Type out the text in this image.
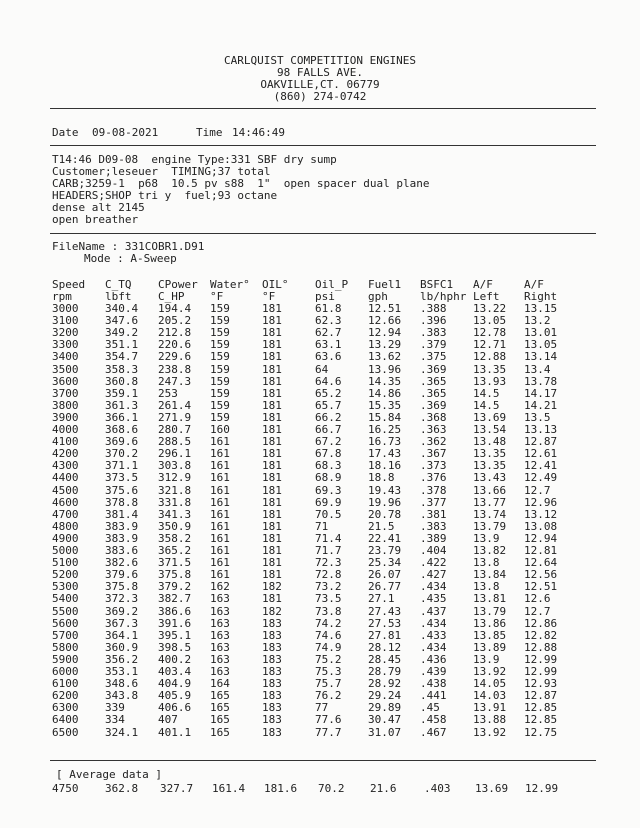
CARLQUIST COMPETITION ENGINES
98 FALLS AVE.
OAKVILLE,CT. 06779
(860) 274-0742
Date 09-08-2021	Time 14:46:49
T14:46 D09-08  engine Type:331 SBF dry sump
Customer;leseuer  TIMING;37 total
CARB;3259-1  p68  10.5 pv s88  1"  open spacer dual plane
HEADERS;SHOP tri y  fuel;93 octane
dense alt 2145
open breather
FileName : 331COBR1.D91
Mode : A-Sweep
Speed C_TQ CPower Water° OIL° Oil_P Fuel1 BSFC1 A/F	A/F
rpm	lbft C_HP °F	°F	psi	gph	lb/hphr Left Right
3000 340.4 194.4 159	181	61.8 12.51 .388 13.22 13.15
3100 347.6 205.2 159	181	62.3 12.66 .396 13.05 13.2
3200 349.2 212.8 159	181	62.7 12.94 .383 12.78 13.01
3300 351.1 220.6 159	181	63.1 13.29 .379 12.71 13.05
3400 354.7 229.6 159	181	63.6 13.62 .375 12.88 13.14
3500 358.3 238.8 159	181	64	13.96 .369 13.35 13.4
3600 360.8 247.3 159	181	64.6 14.35 .365 13.93 13.78
3700 359.1 253	159	181	65.2 14.86 .365 14.5 14.17
3800 361.3 261.4 159	181	65.7 15.35 .369 14.5 14.21
3900 366.1 271.9 159	181	66.2 15.84 .368 13.69 13.5
4000 368.6 280.7 160	181	66.7 16.25 .363 13.54 13.13
4100 369.6 288.5 161	181	67.2 16.73 .362 13.48 12.87
4200 370.2 296.1 161	181	67.8 17.43 .367 13.35 12.61
4300 371.1 303.8 161	181	68.3 18.16 .373 13.35 12.41
4400 373.5 312.9 161	181	68.9 18.8 .376 13.43 12.49
4500 375.6 321.8 161	181	69.3 19.43 .378 13.66 12.7
4600 378.8 331.8 161	181	69.9 19.96 .377 13.77 12.96
4700 381.4 341.3 161	181	70.5 20.78 .381 13.74 13.12
4800 383.9 350.9 161	181	71	21.5 .383 13.79 13.08
4900 383.9 358.2 161	181	71.4 22.41 .389 13.9 12.94
5000 383.6 365.2 161	181	71.7 23.79 .404 13.82 12.81
5100 382.6 371.5 161	181	72.3 25.34 .422 13.8 12.64
5200 379.6 375.8 161	181	72.8 26.07 .427 13.84 12.56
5300 375.8 379.2 162	182	73.2 26.77 .434 13.8 12.51
5400 372.3 382.7 163	181	73.5 27.1 .435 13.81 12.6
5500 369.2 386.6 163	182	73.8 27.43 .437 13.79 12.7
5600 367.3 391.6 163	183	74.2 27.53 .434 13.86 12.86
5700 364.1 395.1 163	183	74.6 27.81 .433 13.85 12.82
5800 360.9 398.5 163	183	74.9 28.12 .434 13.89 12.88
5900 356.2 400.2 163	183	75.2 28.45 .436 13.9 12.99
6000 353.1 403.4 163	183	75.3 28.79 .439 13.92 12.99
6100 348.6 404.9 164	183	75.7 28.92 .438 14.05 12.93
6200 343.8 405.9 165	183	76.2 29.24 .441 14.03 12.87
6300 339	406.6 165	183	77	29.89 .45	13.91 12.85
6400 334	407	165	183	77.6 30.47 .458 13.88 12.85
6500 324.1 401.1 165	183	77.7 31.07 .467 13.92 12.75
[ Average data ]
4750 362.8 327.7 161.4 181.6 70.2 21.6	.403 13.69 12.99
